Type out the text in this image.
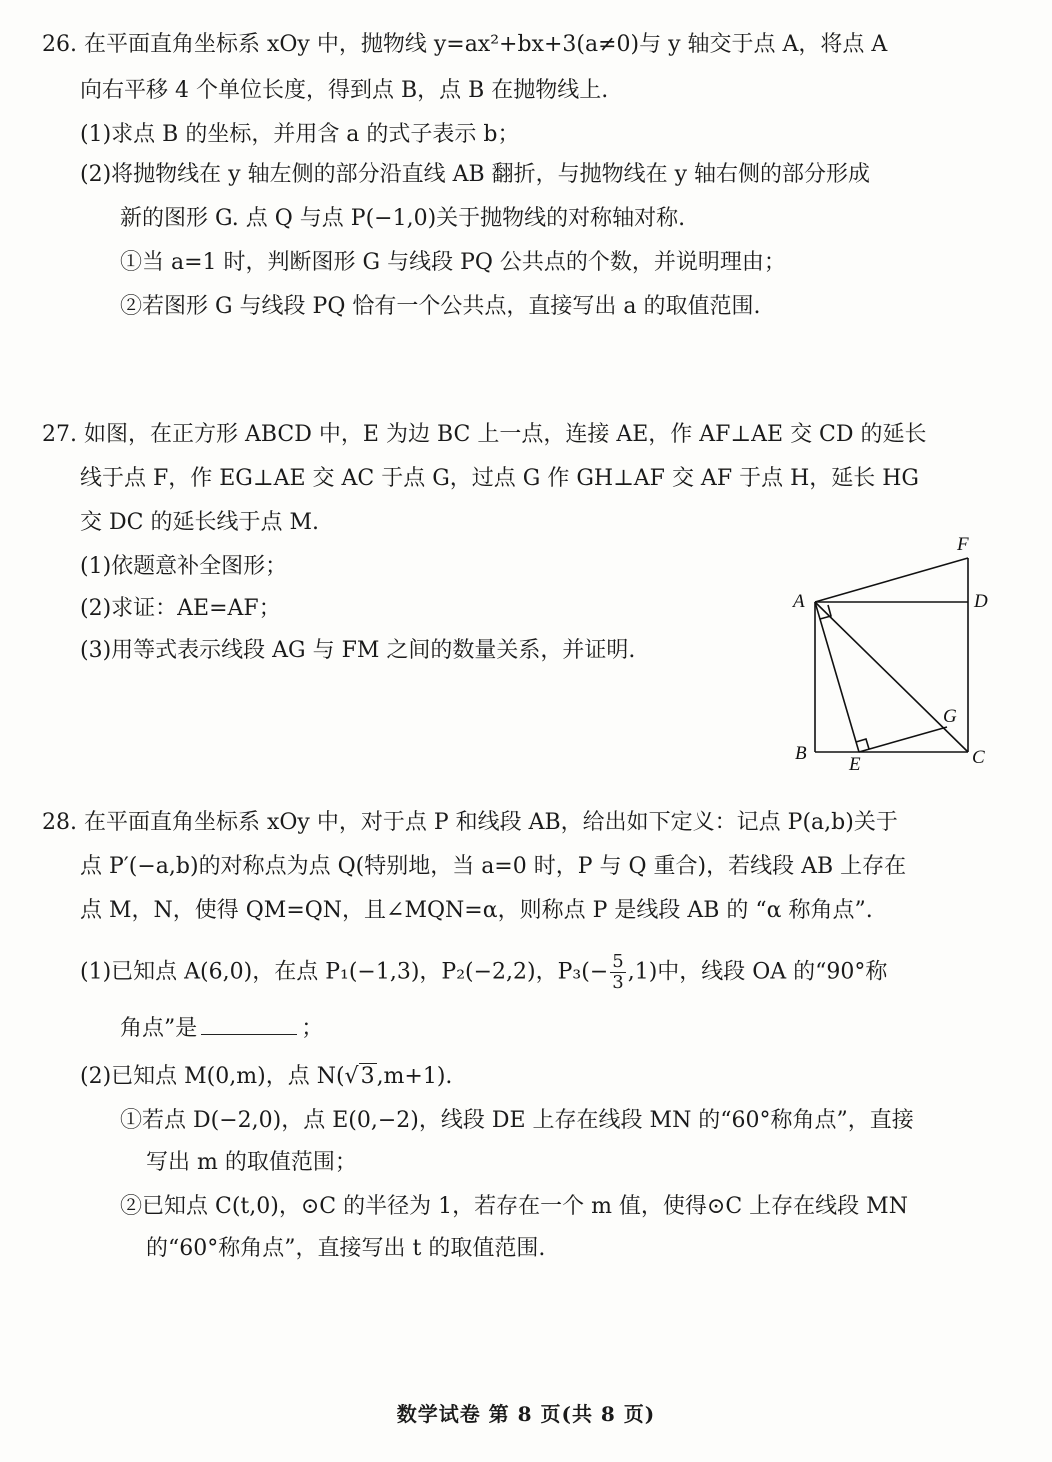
26. 在平面直角坐标系 xOy 中，抛物线 y=ax²+bx+3(a≠0)与 y 轴交于点 A，将点 A
向右平移 4 个单位长度，得到点 B，点 B 在抛物线上.
(1)求点 B 的坐标，并用含 a 的式子表示 b；
(2)将抛物线在 y 轴左侧的部分沿直线 AB 翻折，与抛物线在 y 轴右侧的部分形成
新的图形 G. 点 Q 与点 P(−1,0)关于抛物线的对称轴对称.
①当 a=1 时，判断图形 G 与线段 PQ 公共点的个数，并说明理由；
②若图形 G 与线段 PQ 恰有一个公共点，直接写出 a 的取值范围.
27. 如图，在正方形 ABCD 中，E 为边 BC 上一点，连接 AE，作 AF⊥AE 交 CD 的延长
线于点 F，作 EG⊥AE 交 AC 于点 G，过点 G 作 GH⊥AF 交 AF 于点 H，延长 HG
交 DC 的延长线于点 M.
(1)依题意补全图形；
(2)求证：AE=AF；
(3)用等式表示线段 AG 与 FM 之间的数量关系，并证明.
F
A	D
G
B
E	C
28. 在平面直角坐标系 xOy 中，对于点 P 和线段 AB，给出如下定义：记点 P(a,b)关于
点 P′(−a,b)的对称点为点 Q(特别地，当 a=0 时，P 与 Q 重合)，若线段 AB 上存在
点 M，N，使得 QM=QN，且∠MQN=α，则称点 P 是线段 AB 的 “α 称角点”.
(1)已知点 A(6,0)，在点 P₁(−1,3)，P₂(−2,2)，$P_3(- \frac{5}{3} ,1)$中，线段 OA 的“90°称
角点”是	；
(2)已知点 M(0,m)，点 N(√3,m+1).
①若点 D(−2,0)，点 E(0,−2)，线段 DE 上存在线段 MN 的“60°称角点”，直接
写出 m 的取值范围；
②已知点 C(t,0)，⊙C 的半径为 1，若存在一个 m 值，使得⊙C 上存在线段 MN
的“60°称角点”，直接写出 t 的取值范围.
数学试卷 第 8 页(共 8 页)
